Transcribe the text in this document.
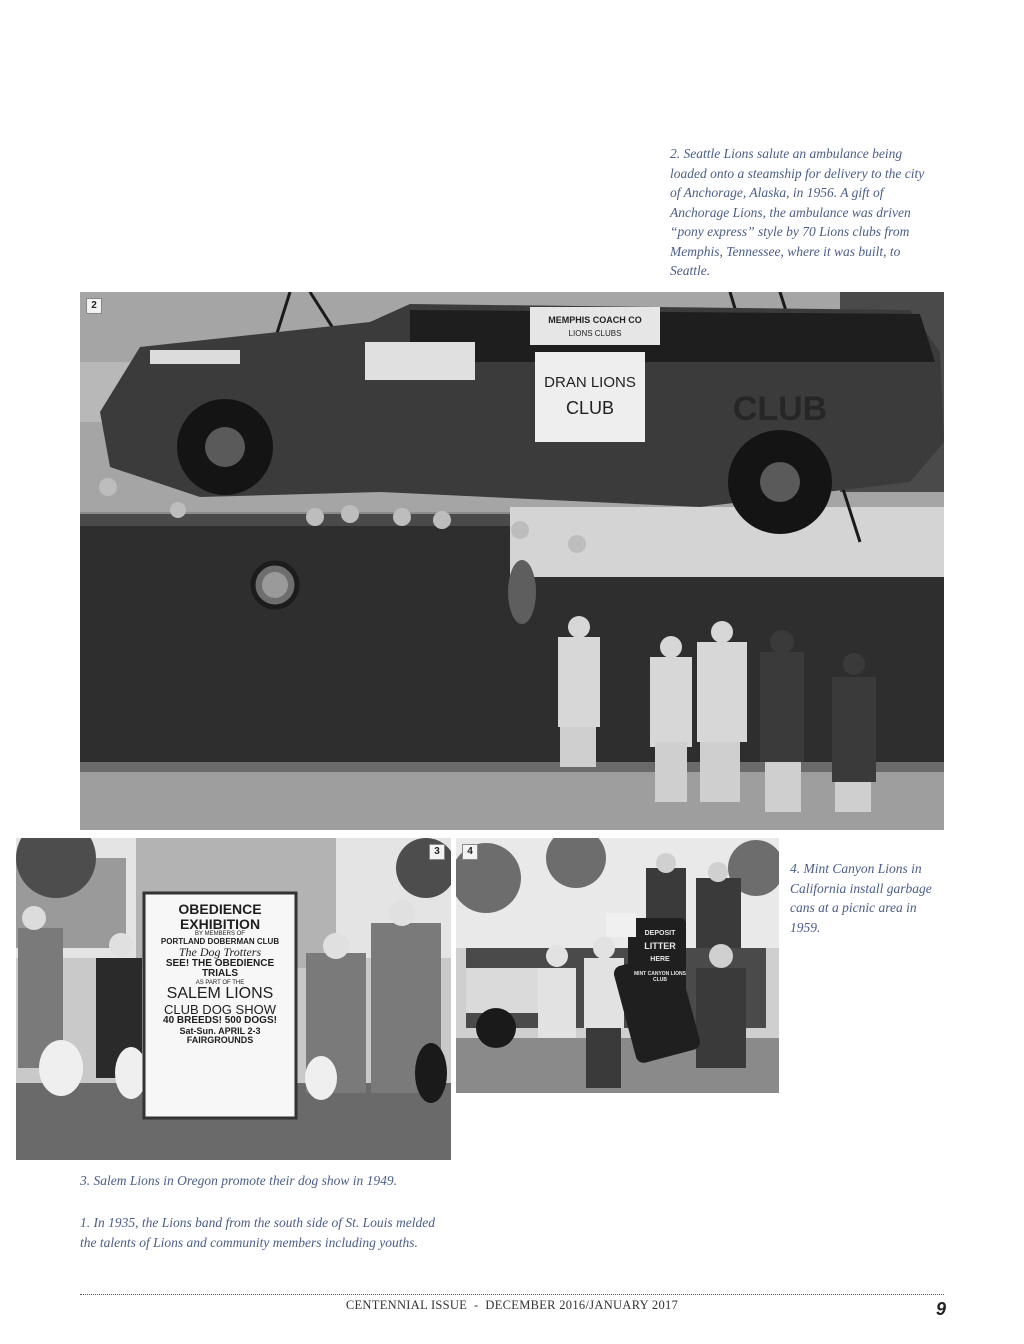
2. Seattle Lions salute an ambulance being loaded onto a steamship for delivery to the city of Anchorage, Alaska, in 1956. A gift of Anchorage Lions, the ambulance was driven “pony express” style by 70 Lions clubs from Memphis, Tennessee, where it was built, to Seattle.

MEMPHIS COACH CO
LIONS CLUBS
DRAN LIONS
CLUB	CLUB
2
OBEDIENCE
EXHIBITION
BY MEMBERS OF
PORTLAND DOBERMAN CLUB
The Dog Trotters
SEE! THE OBEDIENCE
TRIALS
AS PART OF THE
SALEM LIONS
CLUB DOG SHOW
40 BREEDS! 500 DOGS!
Sat-Sun. APRIL 2-3
FAIRGROUNDS
3
DEPOSIT
LITTER
HERE
MINT CANYON LIONS CLUB
4

4. Mint Canyon Lions in California install garbage cans at a picnic area in 1959.

3. Salem Lions in Oregon promote their dog show in 1949.

1. In 1935, the Lions band from the south side of St. Louis melded the talents of Lions and community members including youths.

CENTENNIAL ISSUE  -  DECEMBER 2016/JANUARY 2017	9
